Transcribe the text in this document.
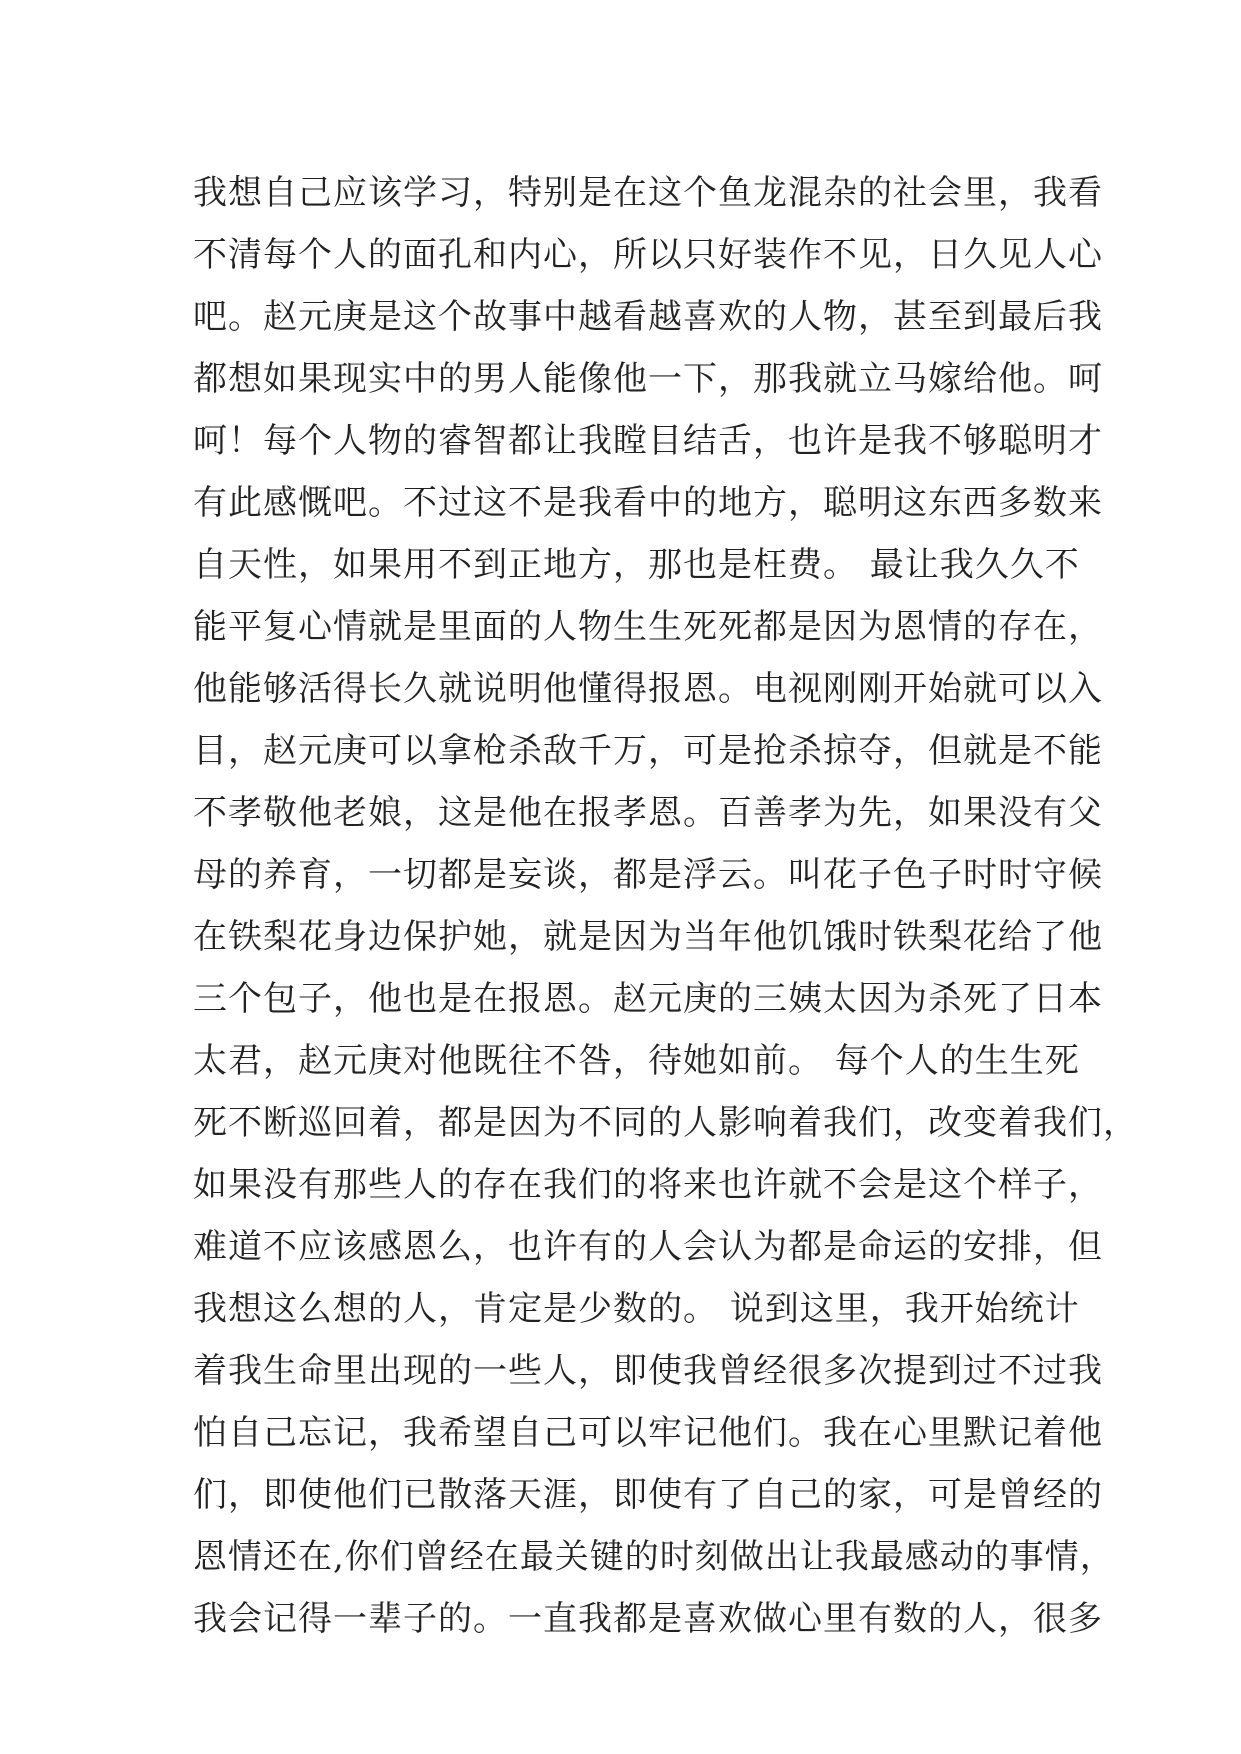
我想自己应该学习，特别是在这个鱼龙混杂的社会里，我看
不清每个人的面孔和内心，所以只好装作不见，日久见人心
吧。赵元庚是这个故事中越看越喜欢的人物，甚至到最后我
都想如果现实中的男人能像他一下，那我就立马嫁给他。呵
呵！每个人物的睿智都让我瞠目结舌，也许是我不够聪明才
有此感慨吧。不过这不是我看中的地方，聪明这东西多数来
自天性，如果用不到正地方，那也是枉费。 最让我久久不
能平复心情就是里面的人物生生死死都是因为恩情的存在，
他能够活得长久就说明他懂得报恩。电视刚刚开始就可以入
目，赵元庚可以拿枪杀敌千万，可是抢杀掠夺，但就是不能
不孝敬他老娘，这是他在报孝恩。百善孝为先，如果没有父
母的养育，一切都是妄谈，都是浮云。叫花子色子时时守候
在铁梨花身边保护她，就是因为当年他饥饿时铁梨花给了他
三个包子，他也是在报恩。赵元庚的三姨太因为杀死了日本
太君，赵元庚对他既往不咎，待她如前。 每个人的生生死
死不断巡回着，都是因为不同的人影响着我们，改变着我们，
如果没有那些人的存在我们的将来也许就不会是这个样子，
难道不应该感恩么，也许有的人会认为都是命运的安排，但
我想这么想的人，肯定是少数的。 说到这里，我开始统计
着我生命里出现的一些人，即使我曾经很多次提到过不过我
怕自己忘记，我希望自己可以牢记他们。我在心里默记着他
们，即使他们已散落天涯，即使有了自己的家，可是曾经的
恩情还在,你们曾经在最关键的时刻做出让我最感动的事情，
我会记得一辈子的。一直我都是喜欢做心里有数的人，很多
